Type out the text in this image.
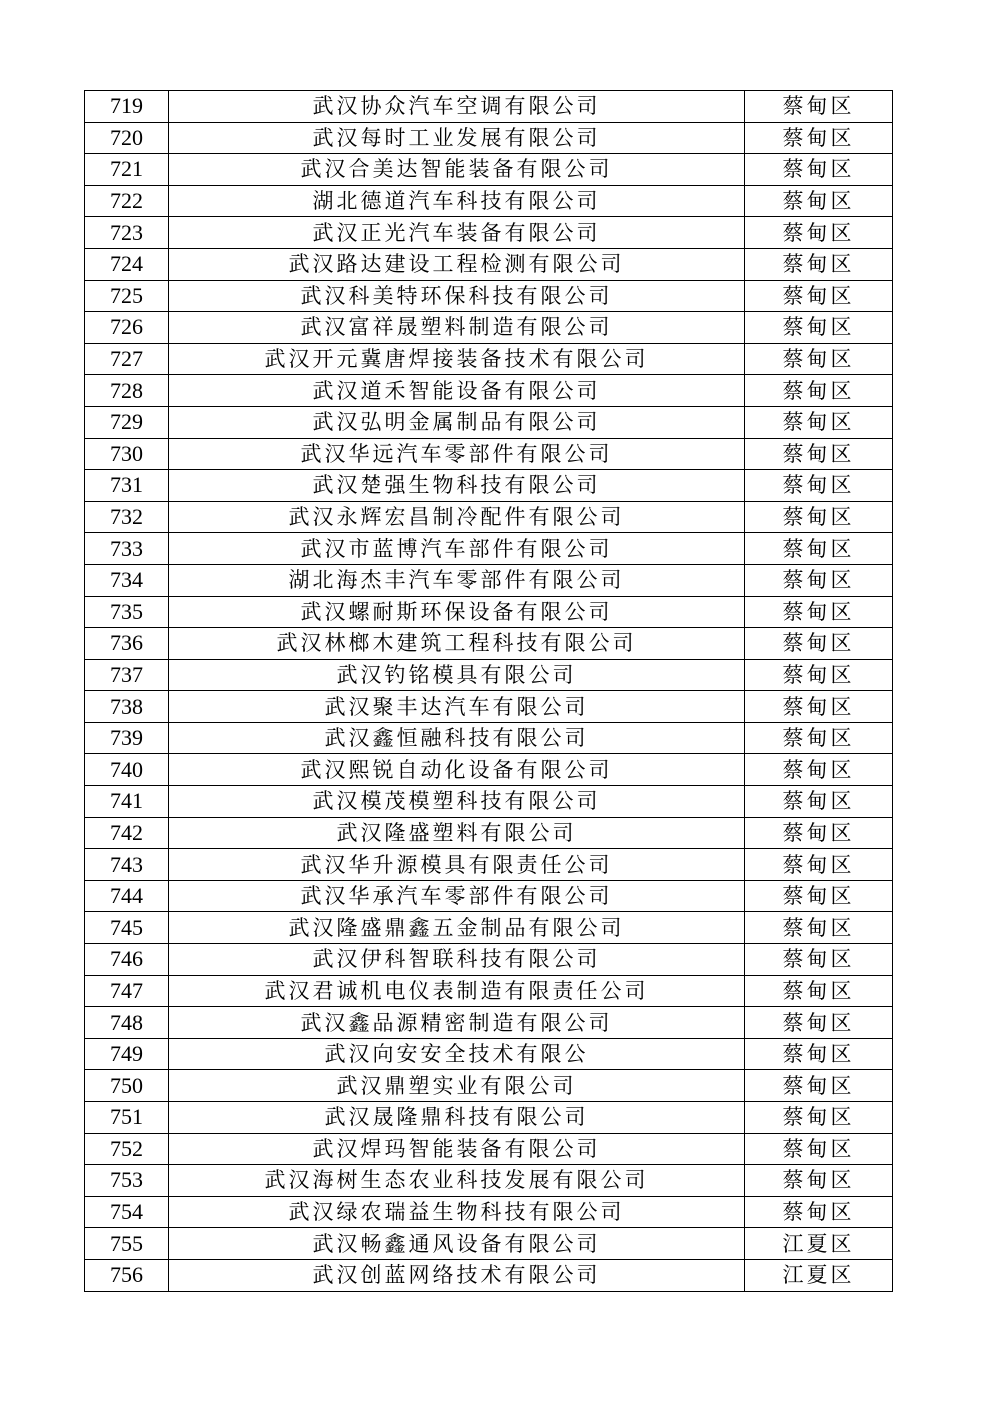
719	武汉协众汽车空调有限公司	蔡甸区
720	武汉每时工业发展有限公司	蔡甸区
721	武汉合美达智能装备有限公司	蔡甸区
722	湖北德道汽车科技有限公司	蔡甸区
723	武汉正光汽车装备有限公司	蔡甸区
724	武汉路达建设工程检测有限公司	蔡甸区
725	武汉科美特环保科技有限公司	蔡甸区
726	武汉富祥晟塑料制造有限公司	蔡甸区
727	武汉开元冀唐焊接装备技术有限公司	蔡甸区
728	武汉道禾智能设备有限公司	蔡甸区
729	武汉弘明金属制品有限公司	蔡甸区
730	武汉华远汽车零部件有限公司	蔡甸区
731	武汉楚强生物科技有限公司	蔡甸区
732	武汉永辉宏昌制冷配件有限公司	蔡甸区
733	武汉市蓝博汽车部件有限公司	蔡甸区
734	湖北海杰丰汽车零部件有限公司	蔡甸区
735	武汉螺耐斯环保设备有限公司	蔡甸区
736	武汉林榔木建筑工程科技有限公司	蔡甸区
737	武汉钓铭模具有限公司	蔡甸区
738	武汉聚丰达汽车有限公司	蔡甸区
739	武汉鑫恒融科技有限公司	蔡甸区
740	武汉熙锐自动化设备有限公司	蔡甸区
741	武汉模茂模塑科技有限公司	蔡甸区
742	武汉隆盛塑料有限公司	蔡甸区
743	武汉华升源模具有限责任公司	蔡甸区
744	武汉华承汽车零部件有限公司	蔡甸区
745	武汉隆盛鼎鑫五金制品有限公司	蔡甸区
746	武汉伊科智联科技有限公司	蔡甸区
747	武汉君诚机电仪表制造有限责任公司	蔡甸区
748	武汉鑫品源精密制造有限公司	蔡甸区
749	武汉向安安全技术有限公	蔡甸区
750	武汉鼎塑实业有限公司	蔡甸区
751	武汉晟隆鼎科技有限公司	蔡甸区
752	武汉焊玛智能装备有限公司	蔡甸区
753	武汉海树生态农业科技发展有限公司	蔡甸区
754	武汉绿农瑞益生物科技有限公司	蔡甸区
755	武汉畅鑫通风设备有限公司	江夏区
756	武汉创蓝网络技术有限公司	江夏区
